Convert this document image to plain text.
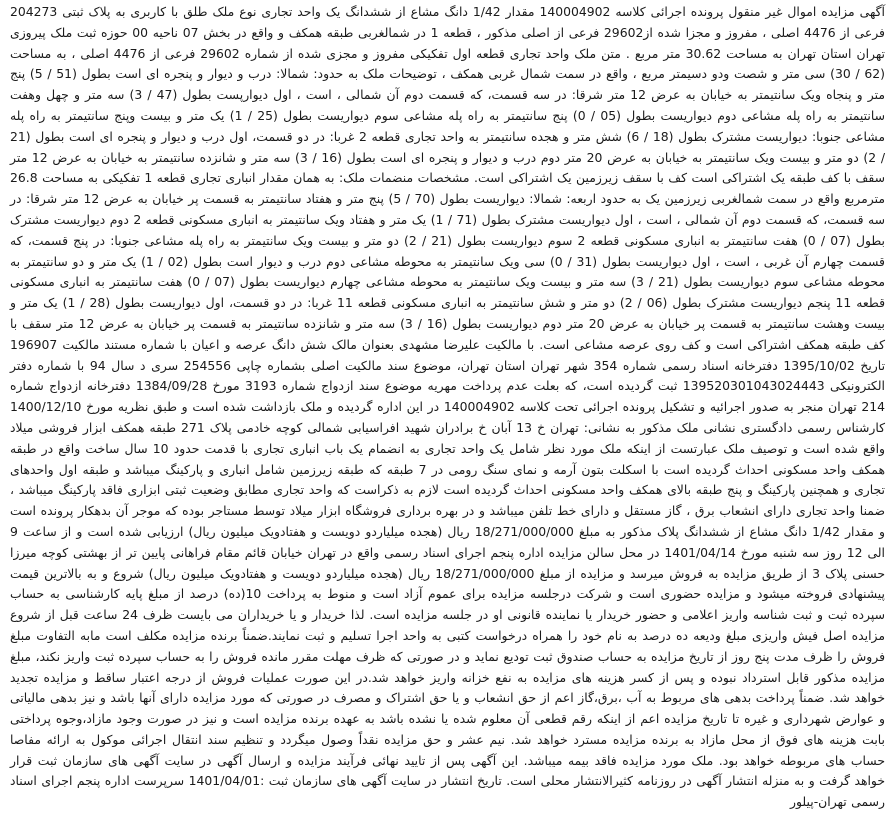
آگهی مزایده اموال غیر منقول پرونده اجرائی کلاسه 140004902 مقدار 1/42 دانگ مشاع از ششدانگ یک واحد تجاری نوع ملک طلق با کاربری به پلاک ثبتی 204273 فرعی از 4476 اصلی ، مفروز و مجزا شده از29602 فرعی از اصلی مذکور ، قطعه 1 در شمالغربی طبقه همکف و واقع در بخش 07 ناحیه 00 حوزه ثبت ملک پیروزی تهران استان تهران به مساحت 30.62 متر مربع . متن ملک واحد تجاری قطعه اول تفکیکی مفروز و مجزی شده از شماره 29602 فرعی از 4476 اصلی ، به مساحت (62 / 30) سی متر و شصت ودو دسیمتر مربع ، واقع در سمت شمال غربی همکف ، توضیحات ملک به حدود: شمالا: درب و دیوار و پنجره ای است بطول (51 / 5) پنج متر و پنجاه ویک سانتیمتر به خیابان به عرض 12 متر شرقا: در سه قسمت، که قسمت دوم آن شمالی ، است ، اول دیوارپست بطول (47 / 3) سه متر و چهل وهفت سانتیمتر به راه پله مشاعی دوم دیواریست بطول (05 / 0) پنج سانتیمتر به راه پله مشاعی سوم دیواریست بطول (25 / 1) یک متر و بیست وپنج سانتیمتر به راه پله مشاعی جنوبا: دیواریست مشترک بطول (18 / 6) شش متر و هجده سانتیمتر به واحد تجاری قطعه 2 غربا: در دو قسمت، اول درب و دیوار و پنجره ای است بطول (21 / 2) دو متر و بیست ویک سانتیمتر به خیابان به عرض 20 متر دوم درب و دیوار و پنجره ای است بطول (16 / 3) سه متر و شانزده سانتیمتر به خیابان به عرض 12 متر سقف با کف طبقه یک اشتراکی است کف با سقف زیرزمین یک اشتراکی است. مشخصات منضمات ملک: به همان مقدار انباری تجاری قطعه 1 تفکیکی به مساحت 26.8 مترمربع واقع در سمت شمالغربی زیرزمین یک به حدود اربعه: شمالا: دیواریست بطول (70 / 5) پنج متر و هفتاد سانتیمتر به قسمت پر خیابان به عرض 12 متر شرقا: در سه قسمت، که قسمت دوم آن شمالی ، است ، اول دیواریست مشترک بطول (71 / 1) یک متر و هفتاد ویک سانتیمتر به انباری مسکونی قطعه 2 دوم دیواریست مشترک بطول (07 / 0) هفت سانتیمتر به انباری مسکونی قطعه 2 سوم دیواریست بطول (21 / 2) دو متر و بیست ویک سانتیمتر به راه پله مشاعی جنوبا: در پنج قسمت، که قسمت چهارم آن غربی ، است ، اول دیواریست بطول (31 / 0) سی ویک سانتیمتر به محوطه مشاعی دوم درب و دیوار است بطول (02 / 1) یک متر و دو سانتیمتر به محوطه مشاعی سوم دیواریست بطول (21 / 3) سه متر و بیست ویک سانتیمتر به محوطه مشاعی چهارم دیواریست بطول (07 / 0) هفت سانتیمتر به انباری مسکونی قطعه 11 پنجم دیواریست مشترک بطول (06 / 2) دو متر و شش سانتیمتر به انباری مسکونی قطعه 11 غربا: در دو قسمت، اول دیواریست بطول (28 / 1) یک متر و بیست وهشت سانتیمتر به قسمت پر خیابان به عرض 20 متر دوم دیواریست بطول (16 / 3) سه متر و شانزده سانتیمتر به قسمت پر خیابان به عرض 12 متر سقف با کف طبقه همکف اشتراکی است و کف روی عرصه مشاعی است. با مالکیت علیرضا مشهدی بعنوان مالک شش دانگ عرصه و اعیان با شماره مستند مالکیت 196907 تاریخ 1395/10/02 دفترخانه اسناد رسمی شماره 354 شهر تهران استان تهران، موضوع سند مالکیت اصلی بشماره چاپی 254556 سری د سال 94 با شماره دفتر الکترونیکی 139520301043024443 ثبت گردیده است، که بعلت عدم پرداخت مهریه موضوع سند ازدواج شماره 3193 مورخ 1384/09/28 دفترخانه ازدواج شماره 214 تهران منجر به صدور اجرائیه و تشکیل پرونده اجرائی تحت کلاسه 140004902 در این اداره گردیده و ملک بازداشت شده است و طبق نظریه مورخ 1400/12/10 کارشناس رسمی دادگستری نشانی ملک مذکور به نشانی: تهران خ 13 آبان خ برادران شهید افراسیابی شمالی کوچه خادمی پلاک 271 طبقه همکف ابزار فروشی میلاد واقع شده است و توصیف ملک عبارتست از اینکه ملک مورد نظر شامل یک واحد تجاری به انضمام یک باب انباری تجاری با قدمت حدود 10 سال ساخت واقع در طبقه همکف واحد مسکونی احداث گردیده است با اسکلت بتون آرمه و نمای سنگ رومی در 7 طبقه که طبقه زیرزمین شامل انباری و پارکینگ میباشد و طبقه اول واحدهای تجاری و همچنین پارکینگ و پنج طبقه بالای همکف واحد مسکونی احداث گردیده است لازم به ذکراست که واحد تجاری مطابق وضعیت ثبتی ابزاری فاقد پارکینگ میباشد ، ضمنا واحد تجاری دارای انشعاب برق ، گاز مستقل و دارای خط تلفن میباشد و در بهره برداری فروشگاه ابزار میلاد توسط مستاجر بوده که موجر آن بدهکار پرونده است و مقدار 1/42 دانگ مشاع از ششدانگ پلاک مذکور به مبلغ 18/271/000/000 ریال (هجده میلیاردو دویست و هفتادویک میلیون ریال) ارزیابی شده است و از ساعت 9 الی 12 روز سه شنبه مورخ 1401/04/14 در محل سالن مزایده اداره پنجم اجرای اسناد رسمی واقع در تهران خیابان قائم مقام فراهانی پایین تر از بهشتی کوچه میرزا حسنی پلاک 3 از طریق مزایده به فروش میرسد و مزایده از مبلغ 18/271/000/000 ریال (هجده میلیاردو دویست و هفتادویک میلیون ریال) شروع و به بالاترین قیمت پیشنهادی فروخته میشود و مزایده حضوری است و شرکت درجلسه مزایده برای عموم آزاد است و منوط به پرداخت 10(ده) درصد از مبلغ پایه کارشناسی به حساب سپرده ثبت و ثبت شناسه واریز اعلامی و حضور خریدار یا نماینده قانونی او در جلسه مزایده است. لذا خریدار و یا خریداران می بایست ظرف 24 ساعت قبل از شروع مزایده اصل فیش واریزی مبلغ ودیعه ده درصد به نام خود را همراه درخواست کتبی به واحد اجرا تسلیم و ثبت نمایند.ضمناً برنده مزایده مکلف است مابه التفاوت مبلغ فروش را ظرف مدت پنج روز از تاریخ مزایده به حساب صندوق ثبت تودیع نماید و در صورتی که ظرف مهلت مقرر مانده فروش را به حساب سپرده ثبت واریز نکند، مبلغ مزایده مذکور قابل استرداد نبوده و پس از کسر هزینه های مزایده به نفع خزانه واریز خواهد شد.در این صورت عملیات فروش از درجه اعتبار ساقط و مزایده تجدید خواهد شد. ضمناً پرداخت بدهی های مربوط به آب ،برق،گاز اعم از حق انشعاب و یا حق اشتراک و مصرف در صورتی که مورد مزایده دارای آنها باشد و نیز بدهی مالیاتی و عوارض شهرداری و غیره تا تاریخ مزایده اعم از اینکه رقم قطعی آن معلوم شده یا نشده باشد به عهده برنده مزایده است و نیز در صورت وجود مازاد،وجوه پرداختی بابت هزینه های فوق از محل مازاد به برنده مزایده مسترد خواهد شد. نیم عشر و حق مزایده نقداً وصول میگردد و تنظیم سند انتقال اجرائی موکول به ارائه مفاصا حساب های مربوطه خواهد بود. ملک مورد مزایده فاقد بیمه میباشد. این آگهی پس از تایید نهائی فرآیند مزایده و ارسال آگهی در سایت آگهی های سازمان ثبت قرار خواهد گرفت و به منزله انتشار آگهی در روزنامه کثیرالانتشار محلی است. تاریخ انتشار در سایت آگهی های سازمان ثبت :1401/04/01 سرپرست اداره پنجم اجرای اسناد رسمی تهران-پیلور
